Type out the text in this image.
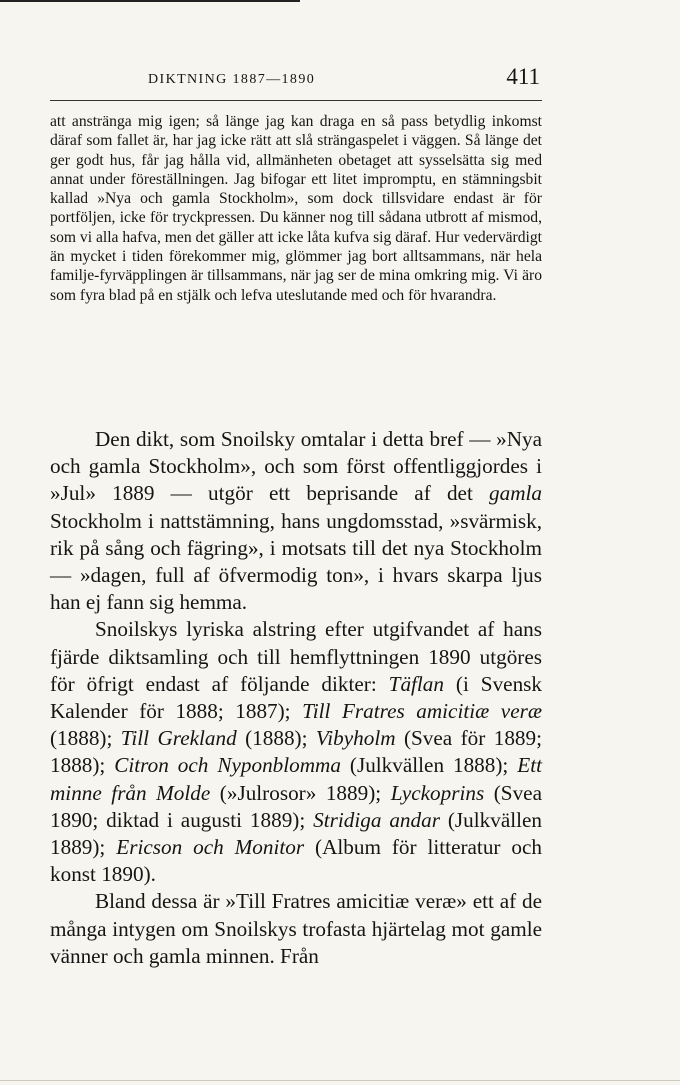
DIKTNING 1887—1890	411

att anstränga mig igen; så länge jag kan draga en så pass betydlig inkomst däraf som fallet är, har jag icke rätt att slå strängaspelet i väggen. Så länge det ger godt hus, får jag hålla vid, allmänheten obetaget att sysselsätta sig med annat under föreställningen. Jag bifogar ett litet impromptu, en stämningsbit kallad »Nya och gamla Stockholm», som dock tillsvidare endast är för portföljen, icke för tryckpressen. Du känner nog till sådana utbrott af mismod, som vi alla hafva, men det gäller att icke låta kufva sig däraf. Hur vedervärdigt än mycket i tiden förekommer mig, glömmer jag bort alltsammans, när hela familje-fyrväpplingen är tillsammans, när jag ser de mina omkring mig. Vi äro som fyra blad på en stjälk och lefva uteslutande med och för hvarandra.

Den dikt, som Snoilsky omtalar i detta bref — »Nya och gamla Stockholm», och som först offentliggjordes i »Jul» 1889 — utgör ett beprisande af det gamla Stockholm i nattstämning, hans ungdomsstad, »svärmisk, rik på sång och fägring», i motsats till det nya Stockholm — »dagen, full af öfvermodig ton», i hvars skarpa ljus han ej fann sig hemma.

Snoilskys lyriska alstring efter utgifvandet af hans fjärde diktsamling och till hemflyttningen 1890 utgöres för öfrigt endast af följande dikter: Täflan (i Svensk Kalender för 1888; 1887); Till Fratres amicitiæ veræ (1888); Till Grekland (1888); Vibyholm (Svea för 1889; 1888); Citron och Nyponblomma (Julkvällen 1888); Ett minne från Molde (»Julrosor» 1889); Lyckoprins (Svea 1890; diktad i augusti 1889); Stridiga andar (Julkvällen 1889); Ericson och Monitor (Album för litteratur och konst 1890).

Bland dessa är »Till Fratres amicitiæ veræ» ett af de många intygen om Snoilskys trofasta hjärtelag mot gamle vänner och gamla minnen. Från
